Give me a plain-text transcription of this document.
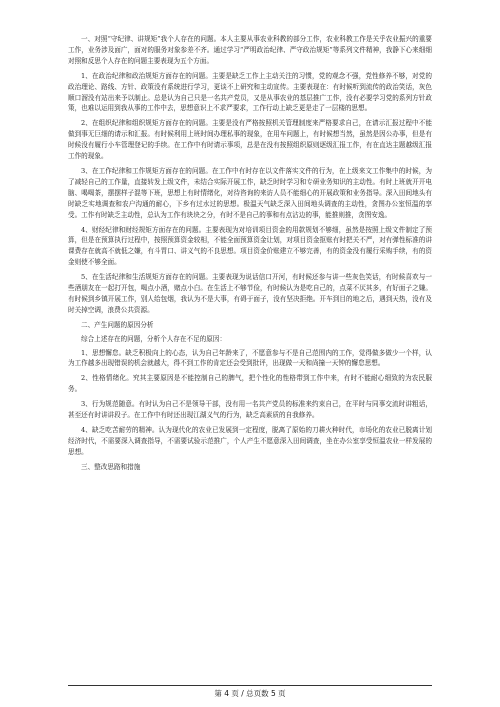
一、对照“守纪律、讲规矩”我个人存在的问题。本人主要从事农业科教的部分工作，农业科教工作是关乎农业振兴的重要工作，业务涉及面广，面对的服务对象参差不齐。通过学习“严明政治纪律、严守政治规矩”等系列文件精神，我静下心来细细对照和反思个人存在的问题主要表现为五个方面。

1、在政治纪律和政治规矩方面存在的问题。主要是缺乏工作上主动关注的习惯，党的观念不强，党性修养不够，对党的政治理论、路线、方针、政策没有系统进行学习，更谈不上研究和主动宣传。主要表现在：有时候听到流传的政治笑话，灰色顺口溜没有站出来予以制止。总是认为自己只是一名共产党员，又是从事农业的基层推广工作，没有必要学习党的系列方针政策，也难以运用到我从事的工作中去，思想意识上不求严要求，工作行动上缺乏更是走了一层楼的思想。

2、在组织纪律和组织规矩方面存在的问题。主要是没有严格按照机关管理制度来严格要求自己，在请示汇报过程中不能做到事无巨细的请示和汇报。有时候利用上班时间办理私事的现象，在用车问题上，有时候想当然，虽然是因公办事，但是有时候没有履行小车管理登记的手续。在工作中有时请示事项，总是在没有按照组织原则逐级汇报工作，有在直达主题越级汇报工作的现象。

3、在工作纪律和工作规矩方面存在的问题。在工作中有时存在以文件落实文件的行为，在上级来文工作集中的时候，为了减轻自己的工作量，直接转发上级文件，未结合实际开展工作，缺乏时时学习和专研业务知识的主动性。有时上班就开开电脑、喝喝茶，摆摆样子混等下班，思想上有时情绪化，对待咨询的来访人员不能细心的开展政策和业务指导。深入田间地头有时缺乏实地调查和农户沟通的耐心，下乡有过水过的思想。极温天气缺乏深入田间地头调查的主动性，贪图办公室恒温的享受。工作有时缺乏主动性，总认为工作有块块之分，有时不是自己的事和有点沾边的事，能推则推，贪图安逸。

4、财经纪律和财经规矩方面存在的问题。主要表现为对培训项目资金的用款规划不够细，虽然是按照上级文件制定了预算，但是在预算执行过程中，按照预算资金较相，不能全面预算资金让划，对项目资金抠账有时把关不严，对有弹性标准的讲课费存在就高不就低之嫌，有斗胃口、讲义气的不良思想。项目资金价账建立不够完善，有的资金没有履行采购手续，有的资金则使不够全面。

5、在生活纪律和生活规矩方面存在的问题。主要表现为说话信口开河，有时候还参与讲一些灰色笑话，有时候喜欢与一些酒朋友在一起打开包，喝点小酒，赌点小白。在生活上不够节俭，有时候认为是吃自己的，点菜不厌其多，有好面子之嫌。有时候到乡镇开展工作，别人给包烟，我认为不是大事，有碍于面子，没有坚决拒绝。开车到目的地之后，遇到天热，没有及时关掉空调，浪费公共资源。

二、产生问题的原因分析

综合上述存在的问题，分析个人存在不足的原因：

1、思想懈怠。缺乏积极向上的心态，认为自己年龄来了，不愿意参与不是自己范围内的工作，觉得做多做少一个样，认为工作越多出现错误的机会就越大，得不到工作的肯定还会受到批评，出现做一天和尚撞一天钟的懈怠思想。

2、性格情绪化。究其主要原因是不能控制自己的脾气，把个性化的性格带到工作中来，有时不能耐心细致的为农民服务。

3、行为规范随意。有时认为自己不是领导干部，没有用一名共产党员的标准来约束自己，在平时与同事交流时讲粗话，甚至还有时讲讲段子。在工作中有时还出现江湖义气的行为，缺乏高素质的自我修养。

4、缺乏吃苦耐劳的精神。认为现代化的农业已发展到一定程度，脱离了原始的刀耕火种时代，市场化的农业已脱离计划经济时代，不需要深入调查指导，不需要试验示范推广，个人产生不愿意深入田间调查，坐在办公室享受恒温农业一样发展的思想。

三、整改思路和措施

第 4 页 / 总页数 5 页
